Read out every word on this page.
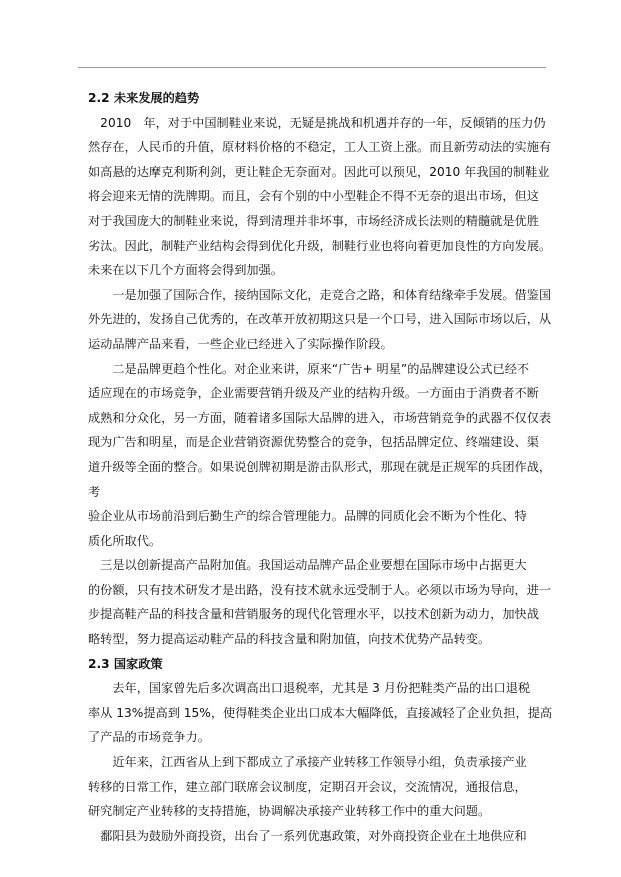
2.2 未来发展的趋势

　2010　年，对于中国制鞋业来说，无疑是挑战和机遇并存的一年，反倾销的压力仍

然存在，人民币的升值，原材料价格的不稳定，工人工资上涨。而且新劳动法的实施有

如高悬的达摩克利斯利剑，更让鞋企无奈面对。因此可以预见，2010 年我国的制鞋业

将会迎来无情的洗牌期。而且，会有个别的中小型鞋企不得不无奈的退出市场，但这

对于我国庞大的制鞋业来说，得到清理并非坏事，市场经济成长法则的精髓就是优胜

劣汰。因此，制鞋产业结构会得到优化升级，制鞋行业也将向着更加良性的方向发展。

未来在以下几个方面将会得到加强。

　　一是加强了国际合作，接纳国际文化，走竞合之路，和体育结缘牵手发展。借鉴国

外先进的，发扬自己优秀的，在改革开放初期这只是一个口号，进入国际市场以后，从

运动品牌产品来看，一些企业已经进入了实际操作阶段。

　　二是品牌更趋个性化。对企业来讲，原来“广告+ 明星”的品牌建设公式已经不

适应现在的市场竞争，企业需要营销升级及产业的结构升级。一方面由于消费者不断

成熟和分众化，另一方面，随着诸多国际大品牌的进入，市场营销竞争的武器不仅仅表

现为广告和明星，而是企业营销资源优势整合的竞争，包括品牌定位、终端建设、渠

道升级等全面的整合。如果说创牌初期是游击队形式，那现在就是正规军的兵团作战，考

验企业从市场前沿到后勤生产的综合管理能力。品牌的同质化会不断为个性化、特

质化所取代。

　三是以创新提高产品附加值。我国运动品牌产品企业要想在国际市场中占据更大

的份额，只有技术研发才是出路，没有技术就永远受制于人。必须以市场为导向，进一

步提高鞋产品的科技含量和营销服务的现代化管理水平，以技术创新为动力，加快战

略转型，努力提高运动鞋产品的科技含量和附加值，向技术优势产品转变。

2.3 国家政策

　　去年，国家曾先后多次调高出口退税率，尤其是 3 月份把鞋类产品的出口退税

率从 13%提高到 15%，使得鞋类企业出口成本大幅降低，直接减轻了企业负担，提高

了产品的市场竞争力。

　　近年来，江西省从上到下都成立了承接产业转移工作领导小组，负责承接产业

转移的日常工作，建立部门联席会议制度，定期召开会议，交流情况，通报信息，

研究制定产业转移的支持措施，协调解决承接产业转移工作中的重大问题。

　鄱阳县为鼓励外商投资，出台了一系列优惠政策，对外商投资企业在土地供应和
